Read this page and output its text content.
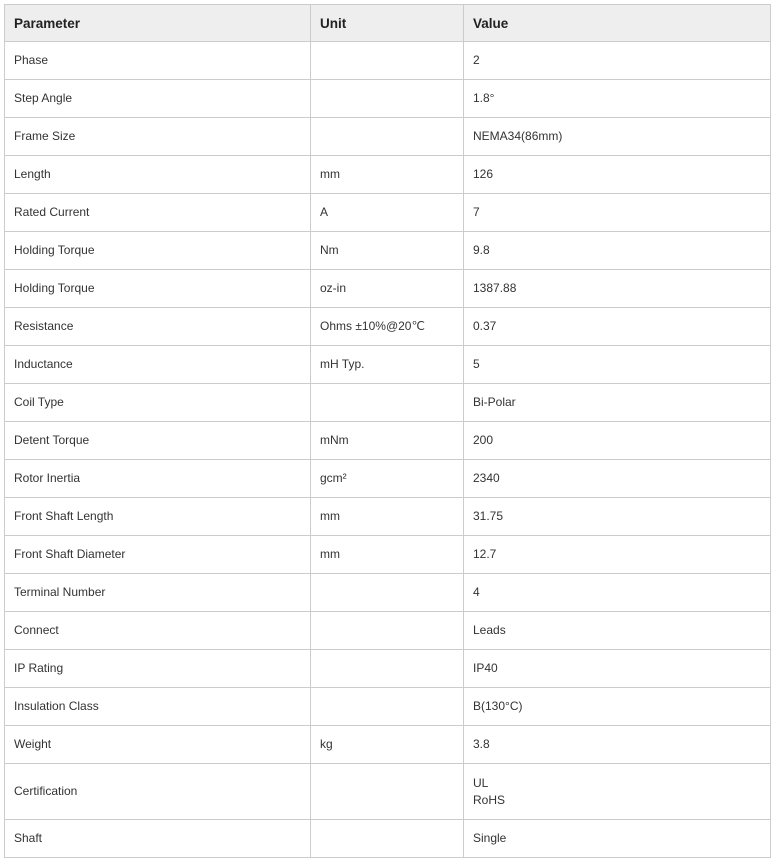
Parameter	Unit	Value
Phase		2
Step Angle		1.8°
Frame Size		NEMA34(86mm)
Length	mm	126
Rated Current	A	7
Holding Torque	Nm	9.8
Holding Torque	oz-in	1387.88
Resistance	Ohms ±10%@20℃	0.37
Inductance	mH Typ.	5
Coil Type		Bi-Polar
Detent Torque	mNm	200
Rotor Inertia	gcm²	2340
Front Shaft Length	mm	31.75
Front Shaft Diameter	mm	12.7
Terminal Number		4
Connect		Leads
IP Rating		IP40
Insulation Class		B(130°C)
Weight	kg	3.8
Certification		UL
RoHS

Shaft		Single
